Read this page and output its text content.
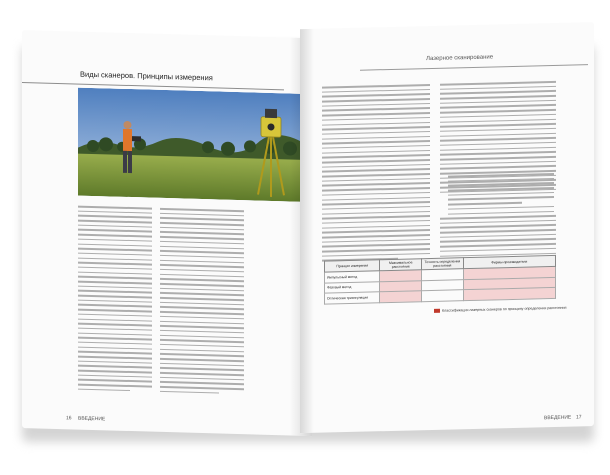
Виды сканеров. Принципы измерения
16 ВВЕДЕНИЕ
Лазерное сканирование
Принцип измерения	Максимальное расстояние	Точность определения расстояния	Фирмы-производители
Импульсный метод			
Фазовый метод			
Оптическая триангуляция			
Классификация лазерных сканеров по принципу определения расстояния
ВВЕДЕНИЕ 17
